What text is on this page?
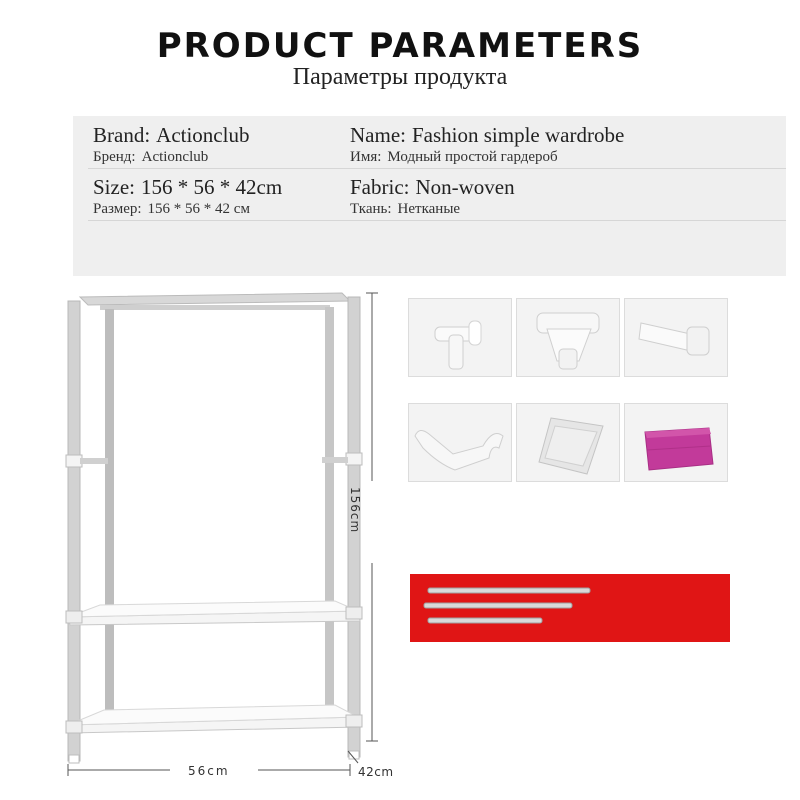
PRODUCT PARAMETERS
Параметры продукта
Brand: Actionclub
Бренд: Actionclub
Name: Fashion simple wardrobe
Имя: Модный простой гардероб
Size: 156 * 56 * 42cm
Размер: 156 * 56 * 42 см
Fabric: Non-woven
Ткань: Нетканые
156cm
56cm	42cm
